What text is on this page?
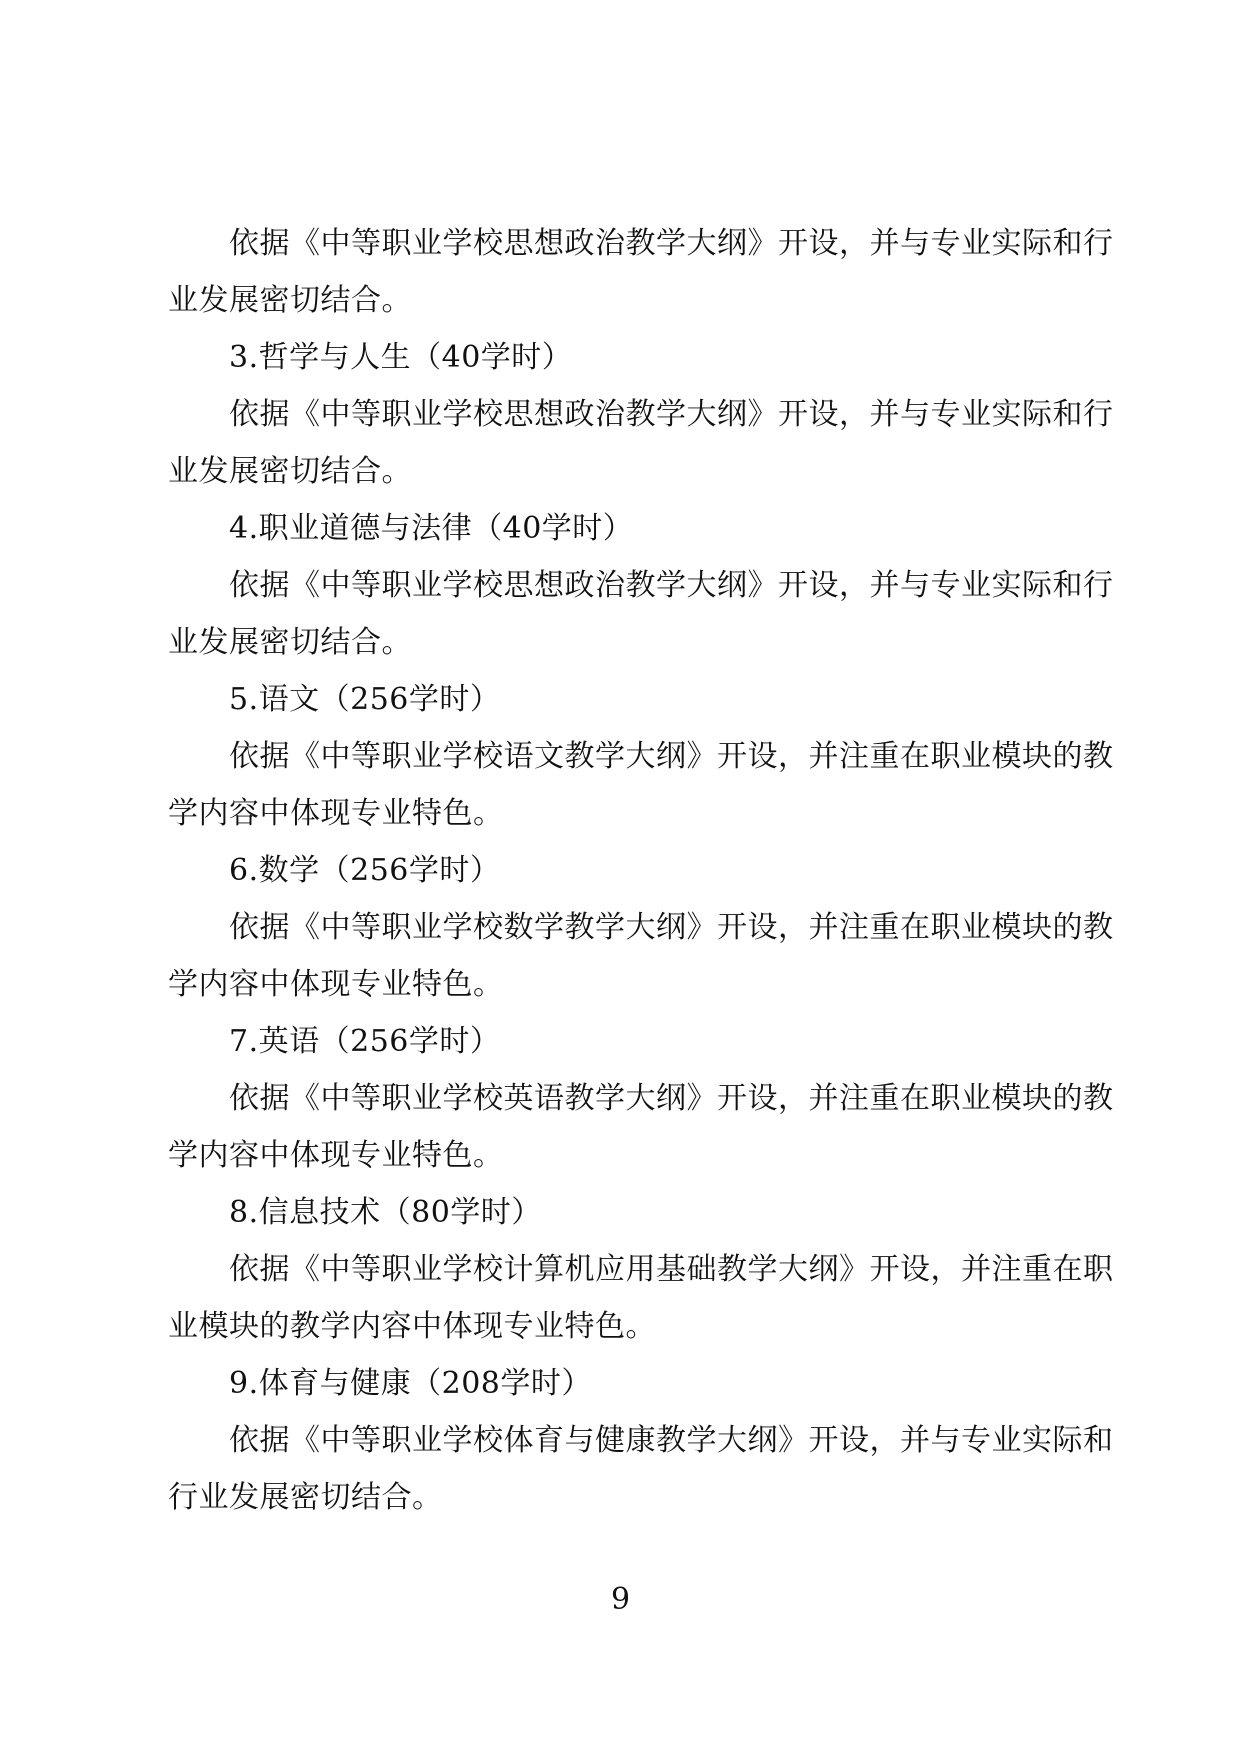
依据《中等职业学校思想政治教学大纲》开设，并与专业实际和行
业发展密切结合。
3.哲学与人生（40学时）
依据《中等职业学校思想政治教学大纲》开设，并与专业实际和行
业发展密切结合。
4.职业道德与法律（40学时）
依据《中等职业学校思想政治教学大纲》开设，并与专业实际和行
业发展密切结合。
5.语文（256学时）
依据《中等职业学校语文教学大纲》开设，并注重在职业模块的教
学内容中体现专业特色。
6.数学（256学时）
依据《中等职业学校数学教学大纲》开设，并注重在职业模块的教
学内容中体现专业特色。
7.英语（256学时）
依据《中等职业学校英语教学大纲》开设，并注重在职业模块的教
学内容中体现专业特色。
8.信息技术（80学时）
依据《中等职业学校计算机应用基础教学大纲》开设，并注重在职
业模块的教学内容中体现专业特色。
9.体育与健康（208学时）
依据《中等职业学校体育与健康教学大纲》开设，并与专业实际和
行业发展密切结合。
9
